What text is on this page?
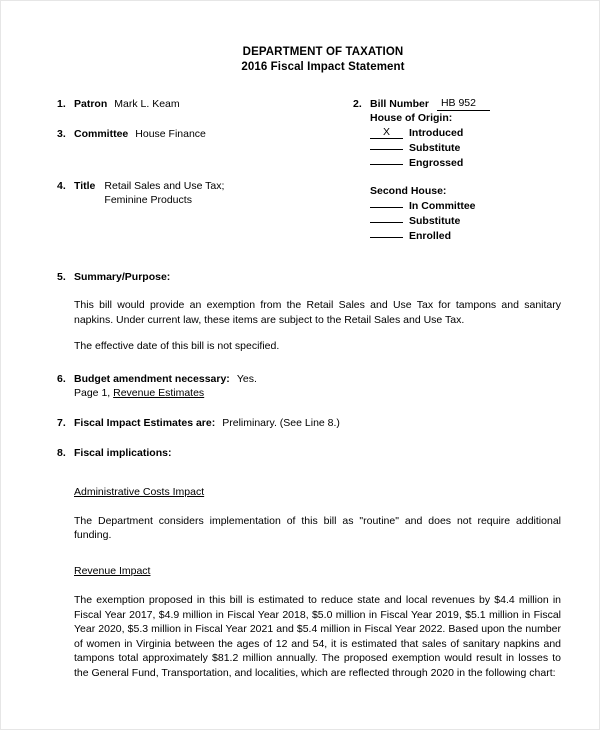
DEPARTMENT OF TAXATION
2016 Fiscal Impact Statement
1. Patron Mark L. Keam
3. Committee House Finance
4. Title Retail Sales and Use Tax; Feminine Products
2. Bill Number	HB 952
House of Origin:
X Introduced
Substitute
Engrossed
Second House:
In Committee
Substitute
Enrolled
5. Summary/Purpose:
This bill would provide an exemption from the Retail Sales and Use Tax for tampons and sanitary napkins. Under current law, these items are subject to the Retail Sales and Use Tax.
The effective date of this bill is not specified.
6. Budget amendment necessary: Yes.
Page 1, Revenue Estimates
7. Fiscal Impact Estimates are: Preliminary. (See Line 8.)
8. Fiscal implications:
Administrative Costs Impact
The Department considers implementation of this bill as "routine" and does not require additional funding.
Revenue Impact
The exemption proposed in this bill is estimated to reduce state and local revenues by $4.4 million in Fiscal Year 2017, $4.9 million in Fiscal Year 2018, $5.0 million in Fiscal Year 2019, $5.1 million in Fiscal Year 2020, $5.3 million in Fiscal Year 2021 and $5.4 million in Fiscal Year 2022. Based upon the number of women in Virginia between the ages of 12 and 54, it is estimated that sales of sanitary napkins and tampons total approximately $81.2 million annually. The proposed exemption would result in losses to the General Fund, Transportation, and localities, which are reflected through 2020 in the following chart:
